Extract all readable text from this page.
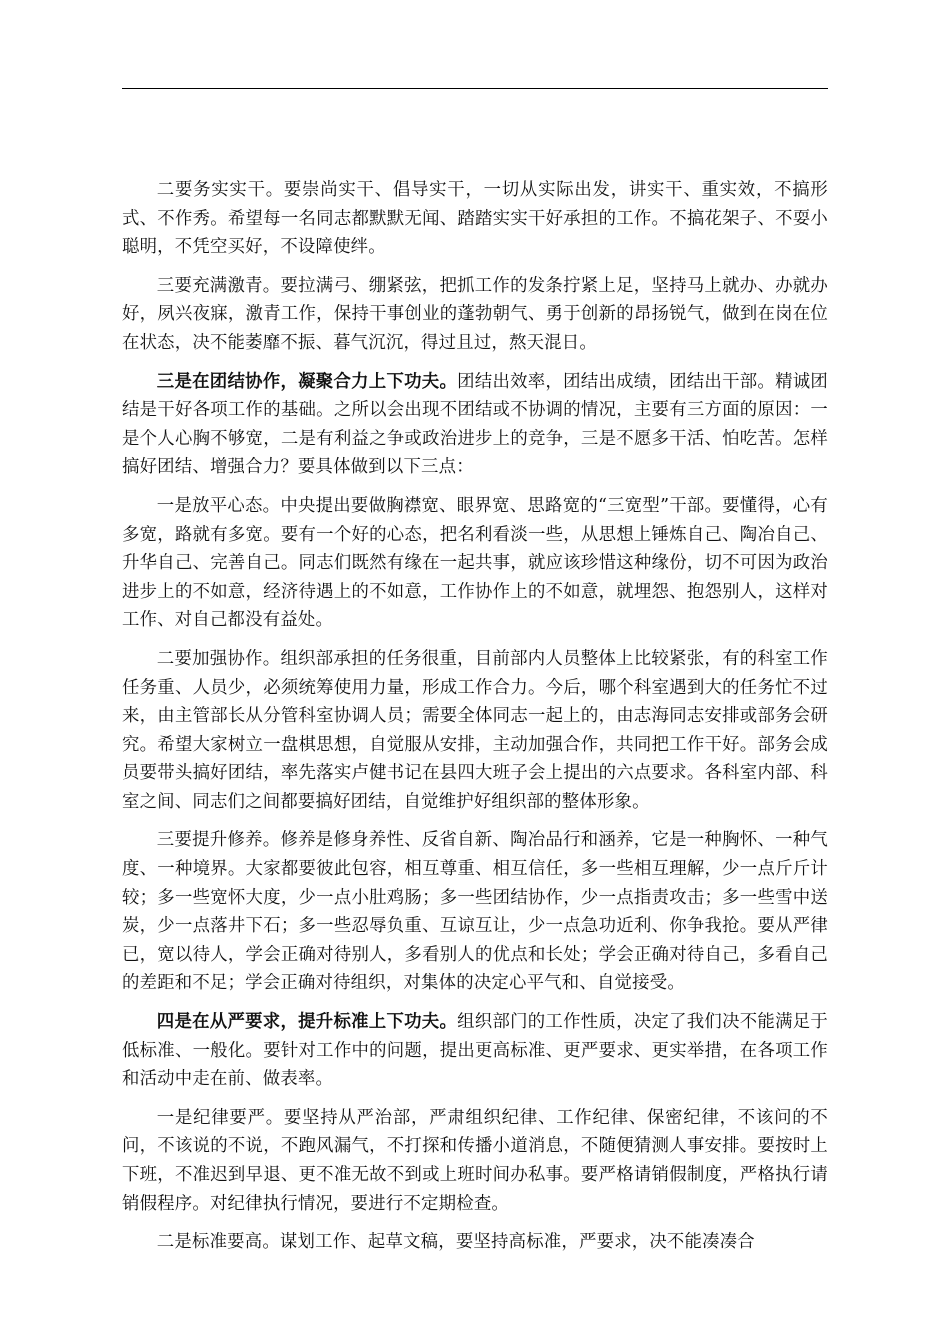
二要务实实干。要崇尚实干、倡导实干，一切从实际出发，讲实干、重实效，不搞形式、不作秀。希望每一名同志都默默无闻、踏踏实实干好承担的工作。不搞花架子、不耍小聪明，不凭空买好，不设障使绊。

三要充满激青。要拉满弓、绷紧弦，把抓工作的发条拧紧上足，坚持马上就办、办就办好，夙兴夜寐，激青工作，保持干事创业的蓬勃朝气、勇于创新的昂扬锐气，做到在岗在位在状态，决不能萎靡不振、暮气沉沉，得过且过，熬天混日。

三是在团结协作，凝聚合力上下功夫。团结出效率，团结出成绩，团结出干部。精诚团结是干好各项工作的基础。之所以会出现不团结或不协调的情况，主要有三方面的原因：一是个人心胸不够宽，二是有利益之争或政治进步上的竞争，三是不愿多干活、怕吃苦。怎样搞好团结、增强合力？要具体做到以下三点：

一是放平心态。中央提出要做胸襟宽、眼界宽、思路宽的“三宽型”干部。要懂得，心有多宽，路就有多宽。要有一个好的心态，把名利看淡一些，从思想上锤炼自己、陶冶自己、升华自己、完善自己。同志们既然有缘在一起共事，就应该珍惜这种缘份，切不可因为政治进步上的不如意，经济待遇上的不如意，工作协作上的不如意，就埋怨、抱怨别人，这样对工作、对自己都没有益处。

二要加强协作。组织部承担的任务很重，目前部内人员整体上比较紧张，有的科室工作任务重、人员少，必须统筹使用力量，形成工作合力。今后，哪个科室遇到大的任务忙不过来，由主管部长从分管科室协调人员；需要全体同志一起上的，由志海同志安排或部务会研究。希望大家树立一盘棋思想，自觉服从安排，主动加强合作，共同把工作干好。部务会成员要带头搞好团结，率先落实卢健书记在县四大班子会上提出的六点要求。各科室内部、科室之间、同志们之间都要搞好团结，自觉维护好组织部的整体形象。

三要提升修养。修养是修身养性、反省自新、陶冶品行和涵养，它是一种胸怀、一种气度、一种境界。大家都要彼此包容，相互尊重、相互信任，多一些相互理解，少一点斤斤计较；多一些宽怀大度，少一点小肚鸡肠；多一些团结协作，少一点指责攻击；多一些雪中送炭，少一点落井下石；多一些忍辱负重、互谅互让，少一点急功近利、你争我抢。要从严律已，宽以待人，学会正确对待别人，多看别人的优点和长处；学会正确对待自己，多看自己的差距和不足；学会正确对待组织，对集体的决定心平气和、自觉接受。

四是在从严要求，提升标准上下功夫。组织部门的工作性质，决定了我们决不能满足于低标准、一般化。要针对工作中的问题，提出更高标准、更严要求、更实举措，在各项工作和活动中走在前、做表率。

一是纪律要严。要坚持从严治部，严肃组织纪律、工作纪律、保密纪律，不该问的不问，不该说的不说，不跑风漏气，不打探和传播小道消息，不随便猜测人事安排。要按时上下班，不准迟到早退、更不准无故不到或上班时间办私事。要严格请销假制度，严格执行请销假程序。对纪律执行情况，要进行不定期检查。

二是标准要高。谋划工作、起草文稿，要坚持高标准，严要求，决不能凑凑合
